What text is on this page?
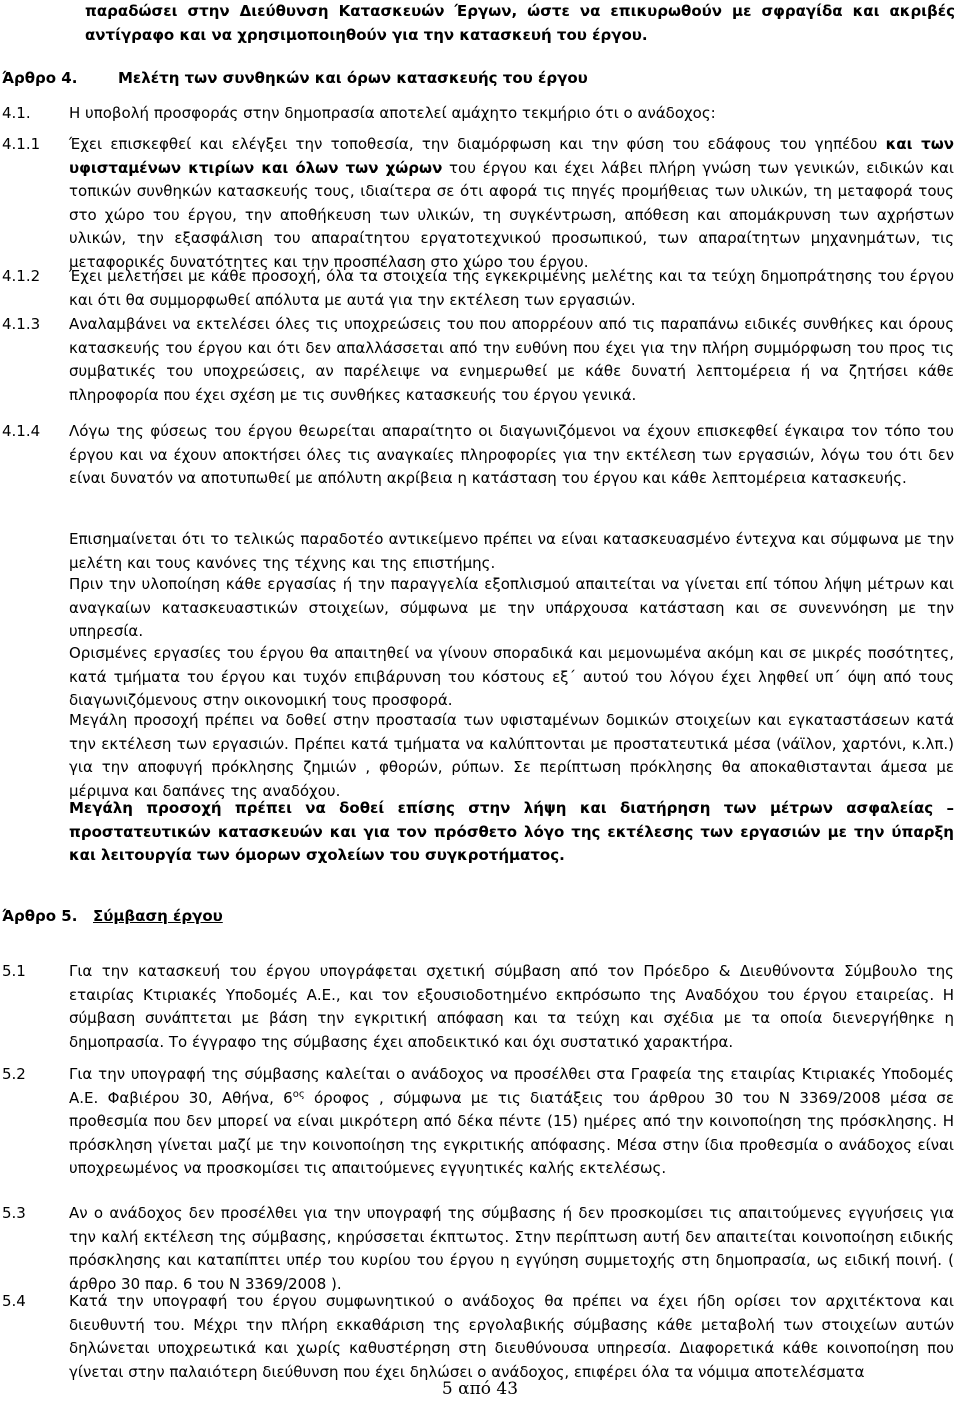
παραδώσει στην Διεύθυνση Κατασκευών Έργων, ώστε να επικυρωθούν με σφραγίδα και ακριβές αντίγραφο και να χρησιμοποιηθούν για την κατασκευή του έργου.
Άρθρο 4.	Μελέτη των συνθηκών και όρων κατασκευής του έργου
4.1.	Η υποβολή προσφοράς στην δημοπρασία αποτελεί αμάχητο τεκμήριο ότι ο ανάδοχος:
4.1.1 Έχει επισκεφθεί και ελέγξει την τοποθεσία, την διαμόρφωση και την φύση του εδάφους του γηπέδου και των υφισταμένων κτιρίων και όλων των χώρων του έργου και έχει λάβει πλήρη γνώση των γενικών, ειδικών και τοπικών συνθηκών κατασκευής τους, ιδιαίτερα σε ότι αφορά τις πηγές προμήθειας των υλικών, τη μεταφορά τους στο χώρο του έργου, την αποθήκευση των υλικών, τη συγκέντρωση, απόθεση και απομάκρυνση των αχρήστων υλικών, την εξασφάλιση του απαραίτητου εργατοτεχνικού προσωπικού, των απαραίτητων μηχανημάτων, τις μεταφορικές δυνατότητες και την προσπέλαση στο χώρο του έργου.
4.1.2 Έχει μελετήσει με κάθε προσοχή, όλα τα στοιχεία της εγκεκριμένης μελέτης και τα τεύχη δημοπράτησης του έργου και ότι θα συμμορφωθεί απόλυτα με αυτά για την εκτέλεση των εργασιών.
4.1.3 Αναλαμβάνει να εκτελέσει όλες τις υποχρεώσεις του που απορρέουν από τις παραπάνω ειδικές συνθήκες και όρους κατασκευής του έργου και ότι δεν απαλλάσσεται από την ευθύνη που έχει για την πλήρη συμμόρφωση του προς τις συμβατικές του υποχρεώσεις, αν παρέλειψε να ενημερωθεί με κάθε δυνατή λεπτομέρεια ή να ζητήσει κάθε πληροφορία που έχει σχέση με τις συνθήκες κατασκευής του έργου γενικά.
4.1.4 Λόγω της φύσεως του έργου θεωρείται απαραίτητο οι διαγωνιζόμενοι να έχουν επισκεφθεί έγκαιρα τον τόπο του έργου και να έχουν αποκτήσει όλες τις αναγκαίες πληροφορίες για την εκτέλεση των εργασιών, λόγω του ότι δεν είναι δυνατόν να αποτυπωθεί με απόλυτη ακρίβεια η κατάσταση του έργου και κάθε λεπτομέρεια κατασκευής.
Επισημαίνεται ότι το τελικώς παραδοτέο αντικείμενο πρέπει να είναι κατασκευασμένο έντεχνα και σύμφωνα με την μελέτη και τους κανόνες της τέχνης και της επιστήμης.
Πριν την υλοποίηση κάθε εργασίας ή την παραγγελία εξοπλισμού απαιτείται να γίνεται επί τόπου λήψη μέτρων και αναγκαίων κατασκευαστικών στοιχείων, σύμφωνα με την υπάρχουσα κατάσταση και σε συνεννόηση με την υπηρεσία.
Ορισμένες εργασίες του έργου θα απαιτηθεί να γίνουν σποραδικά και μεμονωμένα ακόμη και σε μικρές ποσότητες, κατά τμήματα του έργου και τυχόν επιβάρυνση του κόστους εξ΄ αυτού του λόγου έχει ληφθεί υπ΄ όψη από τους διαγωνιζόμενους στην οικονομική τους προσφορά.
Μεγάλη προσοχή πρέπει να δοθεί στην προστασία των υφισταμένων δομικών στοιχείων και εγκαταστάσεων κατά την εκτέλεση των εργασιών. Πρέπει κατά τμήματα να καλύπτονται με προστατευτικά μέσα (νάϊλον, χαρτόνι, κ.λπ.) για την αποφυγή πρόκλησης ζημιών , φθορών, ρύπων. Σε περίπτωση πρόκλησης θα αποκαθιστανται άμεσα με μέριμνα και δαπάνες της αναδόχου.
Μεγάλη προσοχή πρέπει να δοθεί επίσης στην λήψη και διατήρηση των μέτρων ασφαλείας – προστατευτικών κατασκευών και για τον πρόσθετο λόγο της εκτέλεσης των εργασιών με την ύπαρξη και λειτουργία των όμορων σχολείων του συγκροτήματος.
Άρθρο 5. Σύμβαση έργου
5.1	Για την κατασκευή του έργου υπογράφεται σχετική σύμβαση από τον Πρόεδρο & Διευθύνοντα Σύμβουλο της εταιρίας Κτιριακές Υποδομές Α.Ε., και τον εξουσιοδοτημένο εκπρόσωπο της Αναδόχου του έργου εταιρείας. Η σύμβαση συνάπτεται με βάση την εγκριτική απόφαση και τα τεύχη και σχέδια με τα οποία διενεργήθηκε η δημοπρασία. Το έγγραφο της σύμβασης έχει αποδεικτικό και όχι συστατικό χαρακτήρα.
5.2	Για την υπογραφή της σύμβασης καλείται ο ανάδοχος να προσέλθει στα Γραφεία της εταιρίας Κτιριακές Υποδομές Α.Ε. Φαβιέρου 30, Αθήνα, $6^{o\varsigma}$ όροφος , σύμφωνα με τις διατάξεις του άρθρου 30 του Ν 3369/2008 μέσα σε προθεσμία που δεν μπορεί να είναι μικρότερη από δέκα πέντε (15) ημέρες από την κοινοποίηση της πρόσκλησης. Η πρόσκληση γίνεται μαζί με την κοινοποίηση της εγκριτικής απόφασης. Μέσα στην ίδια προθεσμία ο ανάδοχος είναι υποχρεωμένος να προσκομίσει τις απαιτούμενες εγγυητικές καλής εκτελέσως.
5.3	Αν ο ανάδοχος δεν προσέλθει για την υπογραφή της σύμβασης ή δεν προσκομίσει τις απαιτούμενες εγγυήσεις για την καλή εκτέλεση της σύμβασης, κηρύσσεται έκπτωτος. Στην περίπτωση αυτή δεν απαιτείται κοινοποίηση ειδικής πρόσκλησης και καταπίπτει υπέρ του κυρίου του έργου η εγγύηση συμμετοχής στη δημοπρασία, ως ειδική ποινή. ( άρθρο 30 παρ. 6 του Ν 3369/2008 ).
5.4	Κατά την υπογραφή του έργου συμφωνητικού ο ανάδοχος θα πρέπει να έχει ήδη ορίσει τον αρχιτέκτονα και διευθυντή του. Μέχρι την πλήρη εκκαθάριση της εργολαβικής σύμβασης κάθε μεταβολή των στοιχείων αυτών δηλώνεται υποχρεωτικά και χωρίς καθυστέρηση στη διευθύνουσα υπηρεσία. Διαφορετικά κάθε κοινοποίηση που γίνεται στην παλαιότερη διεύθυνση που έχει δηλώσει ο ανάδοχος, επιφέρει όλα τα νόμιμα αποτελέσματα
5 από 43
